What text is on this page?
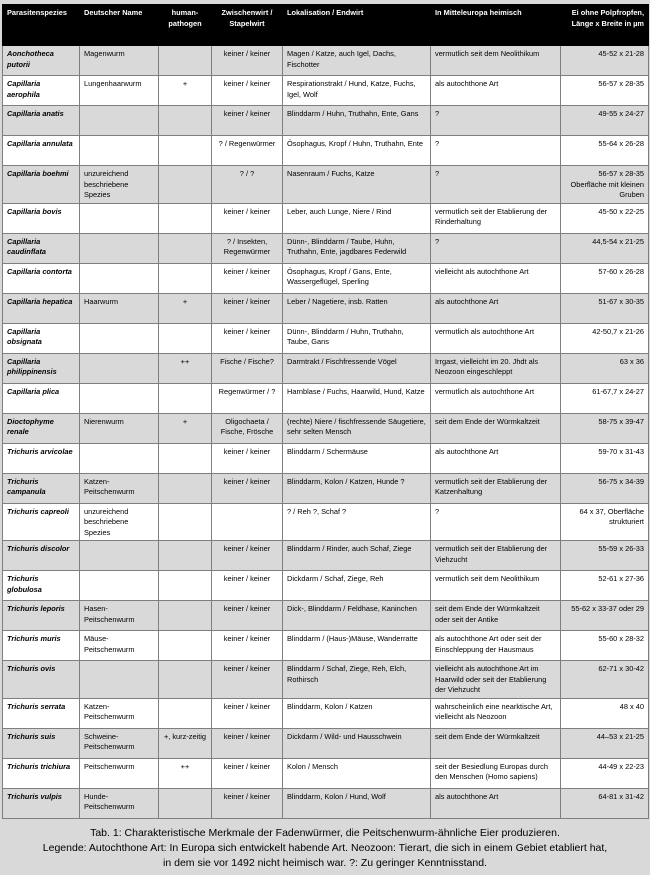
Parasitenspezies	Deutscher Name	human-pathogen	Zwischenwirt / Stapelwirt	Lokalisation / Endwirt	In Mitteleuropa heimisch	Ei ohne Polpfropfen, Länge x Breite in µm
Aonchotheca putorii	Magenwurm		keiner / keiner	Magen / Katze, auch Igel, Dachs, Fischotter	vermutlich seit dem Neolithikum	45-52 x 21-28
Capillaria aerophila	Lungenhaarwurm	+	keiner / keiner	Respirationstrakt / Hund, Katze, Fuchs, Igel, Wolf	als autochthone Art	56-57 x 28-35
Capillaria anatis			keiner / keiner	Blinddarm / Huhn, Truthahn, Ente, Gans	?	49-55 x 24-27
Capillaria annulata			? / Regenwürmer	Ösophagus, Kropf / Huhn, Truthahn, Ente	?	55-64 x 26-28
Capillaria boehmi	unzureichend beschriebene Spezies		? / ?	Nasenraum / Fuchs, Katze	?	56-57 x 28-35 Oberfläche mit kleinen Gruben
Capillaria bovis			keiner / keiner	Leber, auch Lunge, Niere / Rind	vermutlich seit der Etablierung der Rinderhaltung	45-50 x 22-25
Capillaria caudinflata			? / Insekten, Regenwürmer	Dünn-, Blinddarm / Taube, Huhn, Truthahn, Ente, jagdbares Federwild	?	44,5-54 x 21-25
Capillaria contorta			keiner / keiner	Ösophagus, Kropf / Gans, Ente, Wassergeflügel, Sperling	vielleicht als autochthone Art	57-60 x 26-28
Capillaria hepatica	Haarwurm	+	keiner / keiner	Leber / Nagetiere, insb. Ratten	als autochthone Art	51-67 x 30-35
Capillaria obsignata			keiner / keiner	Dünn-, Blinddarm / Huhn, Truthahn, Taube, Gans	vermutlich als autochthone Art	42-50,7 x 21-26
Capillaria philippinensis		++	Fische / Fische?	Darmtrakt / Fischfressende Vögel	Irrgast, vielleicht im 20. Jhdt als Neozoon eingeschleppt	63 x 36
Capillaria plica			Regenwürmer / ?	Harnblase / Fuchs, Haarwild, Hund, Katze	vermutlich als autochthone Art	61-67,7 x 24-27
Dioctophyme renale	Nierenwurm	+	Oligochaeta / Fische, Frösche	(rechte) Niere / fischfressende Säugetiere, sehr selten Mensch	seit dem Ende der Würmkaltzeit	58-75 x 39-47
Trichuris arvicolae			keiner / keiner	Blinddarm / Schermäuse	als autochthone Art	59-70 x 31-43
Trichuris campanula	Katzen-Peitschenwurm		keiner / keiner	Blinddarm, Kolon / Katzen, Hunde ?	vermutlich seit der Etablierung der Katzenhaltung	56-75 x 34-39
Trichuris capreoli	unzureichend beschriebene Spezies			? / Reh ?, Schaf ?	?	64 x 37, Oberfläche strukturiert
Trichuris discolor			keiner / keiner	Blinddarm / Rinder, auch Schaf, Ziege	vermutlich seit der Etablierung der Viehzucht	55-59 x 26-33
Trichuris globulosa			keiner / keiner	Dickdarm / Schaf, Ziege, Reh	vermutlich seit dem Neolithikum	52-61 x 27-36
Trichuris leporis	Hasen-Peitschenwurm		keiner / keiner	Dick-, Blinddarm / Feldhase, Kaninchen	seit dem Ende der Würmkaltzeit oder seit der Antike	55-62 x 33-37 oder 29
Trichuris muris	Mäuse-Peitschenwurm		keiner / keiner	Blinddarm / (Haus-)Mäuse, Wanderratte	als autochthone Art oder seit der Einschleppung der Hausmaus	55-60 x 28-32
Trichuris ovis			keiner / keiner	Blinddarm / Schaf, Ziege, Reh, Elch, Rothirsch	vielleicht als autochthone Art im Haarwild oder seit der Etablierung der Viehzucht	62-71 x 30-42
Trichuris serrata	Katzen-Peitschenwurm		keiner / keiner	Blinddarm, Kolon / Katzen	wahrscheinlich eine nearktische Art, vielleicht als Neozoon	48 x 40
Trichuris suis	Schweine-Peitschenwurm	+, kurz-zeitig	keiner / keiner	Dickdarm / Wild- und Hausschwein	seit dem Ende der Würmkaltzeit	44–53 x 21-25
Trichuris trichiura	Peitschenwurm	++	keiner / keiner	Kolon / Mensch	seit der Besiedlung Europas durch den Menschen (Homo sapiens)	44-49 x 22-23
Trichuris vulpis	Hunde-Peitschenwurm		keiner / keiner	Blinddarm, Kolon / Hund, Wolf	als autochthone Art	64-81 x 31-42
Tab. 1: Charakteristische Merkmale der Fadenwürmer, die Peitschenwurm-ähnliche Eier produzieren.
Legende: Autochthone Art: In Europa sich entwickelt habende Art. Neozoon: Tierart, die sich in einem Gebiet etabliert hat,
in dem sie vor 1492 nicht heimisch war. ?: Zu geringer Kenntnisstand.
